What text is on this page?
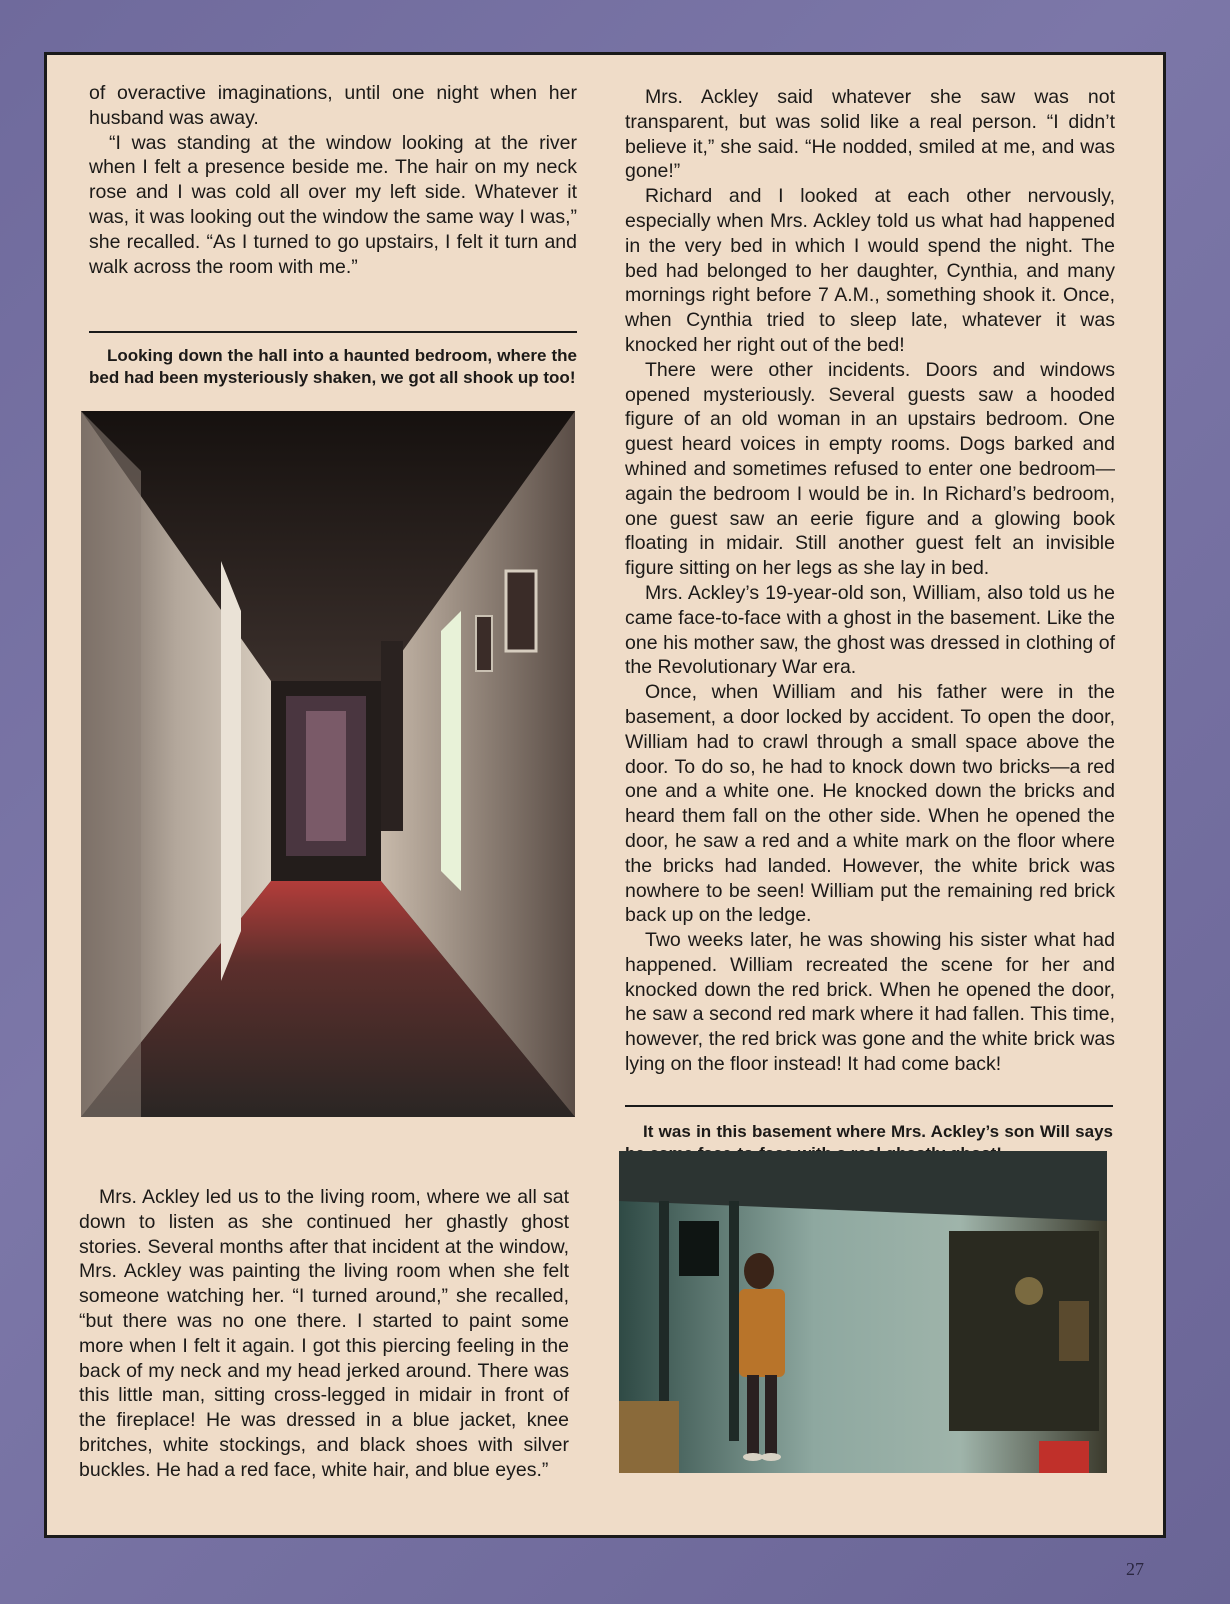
of overactive imaginations, until one night when her husband was away.

“I was standing at the window looking at the river when I felt a presence beside me. The hair on my neck rose and I was cold all over my left side. Whatever it was, it was looking out the window the same way I was,” she recalled. “As I turned to go upstairs, I felt it turn and walk across the room with me.”

Looking down the hall into a haunted bedroom, where the bed had been mysteriously shaken, we got all shook up too!

Mrs. Ackley led us to the living room, where we all sat down to listen as she continued her ghastly ghost stories. Several months after that incident at the window, Mrs. Ackley was painting the living room when she felt someone watching her. “I turned around,” she recalled, “but there was no one there. I started to paint some more when I felt it again. I got this piercing feeling in the back of my neck and my head jerked around. There was this little man, sitting cross-legged in midair in front of the fireplace! He was dressed in a blue jacket, knee britches, white stockings, and black shoes with silver buckles. He had a red face, white hair, and blue eyes.”

Mrs. Ackley said whatever she saw was not transparent, but was solid like a real person. “I didn’t believe it,” she said. “He nodded, smiled at me, and was gone!”

Richard and I looked at each other nervously, especially when Mrs. Ackley told us what had happened in the very bed in which I would spend the night. The bed had belonged to her daughter, Cynthia, and many mornings right before 7 A.M., something shook it. Once, when Cynthia tried to sleep late, whatever it was knocked her right out of the bed!

There were other incidents. Doors and windows opened mysteriously. Several guests saw a hooded figure of an old woman in an upstairs bedroom. One guest heard voices in empty rooms. Dogs barked and whined and sometimes refused to enter one bedroom—again the bedroom I would be in. In Richard’s bedroom, one guest saw an eerie figure and a glowing book floating in midair. Still another guest felt an invisible figure sitting on her legs as she lay in bed.

Mrs. Ackley’s 19-year-old son, William, also told us he came face-to-face with a ghost in the basement. Like the one his mother saw, the ghost was dressed in clothing of the Revolutionary War era.

Once, when William and his father were in the basement, a door locked by accident. To open the door, William had to crawl through a small space above the door. To do so, he had to knock down two bricks—a red one and a white one. He knocked down the bricks and heard them fall on the other side. When he opened the door, he saw a red and a white mark on the floor where the bricks had landed. However, the white brick was nowhere to be seen! William put the remaining red brick back up on the ledge.

Two weeks later, he was showing his sister what had happened. William recreated the scene for her and knocked down the red brick. When he opened the door, he saw a second red mark where it had fallen. This time, however, the red brick was gone and the white brick was lying on the floor instead! It had come back!

It was in this basement where Mrs. Ackley’s son Will says
27
